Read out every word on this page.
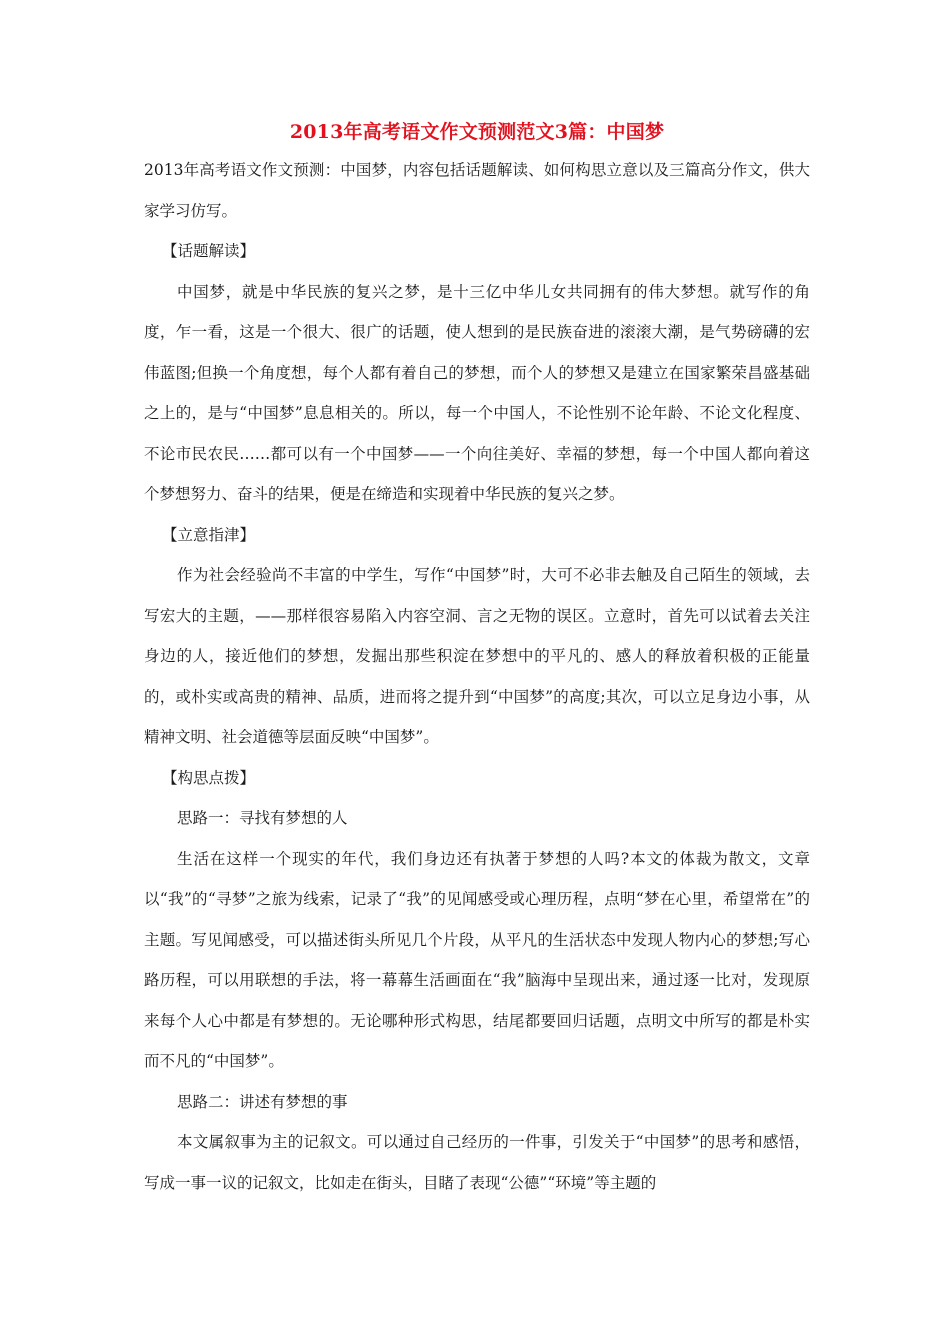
2013年高考语文作文预测范文3篇：中国梦

2013年高考语文作文预测：中国梦，内容包括话题解读、如何构思立意以及三篇高分作文，供大家学习仿写。

【话题解读】

中国梦，就是中华民族的复兴之梦，是十三亿中华儿女共同拥有的伟大梦想。就写作的角度，乍一看，这是一个很大、很广的话题，使人想到的是民族奋进的滚滚大潮，是气势磅礴的宏伟蓝图;但换一个角度想，每个人都有着自己的梦想，而个人的梦想又是建立在国家繁荣昌盛基础之上的，是与“中国梦”息息相关的。所以，每一个中国人，不论性别不论年龄、不论文化程度、不论市民农民……都可以有一个中国梦——一个向往美好、幸福的梦想，每一个中国人都向着这个梦想努力、奋斗的结果，便是在缔造和实现着中华民族的复兴之梦。

【立意指津】

作为社会经验尚不丰富的中学生，写作“中国梦”时，大可不必非去触及自己陌生的领域，去写宏大的主题，——那样很容易陷入内容空洞、言之无物的误区。立意时，首先可以试着去关注身边的人，接近他们的梦想，发掘出那些积淀在梦想中的平凡的、感人的释放着积极的正能量的，或朴实或高贵的精神、品质，进而将之提升到“中国梦”的高度;其次，可以立足身边小事，从精神文明、社会道德等层面反映“中国梦”。

【构思点拨】

思路一：寻找有梦想的人

生活在这样一个现实的年代，我们身边还有执著于梦想的人吗?本文的体裁为散文，文章以“我”的“寻梦”之旅为线索，记录了“我”的见闻感受或心理历程，点明“梦在心里，希望常在”的主题。写见闻感受，可以描述街头所见几个片段，从平凡的生活状态中发现人物内心的梦想;写心路历程，可以用联想的手法，将一幕幕生活画面在“我”脑海中呈现出来，通过逐一比对，发现原来每个人心中都是有梦想的。无论哪种形式构思，结尾都要回归话题，点明文中所写的都是朴实而不凡的“中国梦”。

思路二：讲述有梦想的事

本文属叙事为主的记叙文。可以通过自己经历的一件事，引发关于“中国梦”的思考和感悟，写成一事一议的记叙文，比如走在街头，目睹了表现“公德”“环境”等主题的
